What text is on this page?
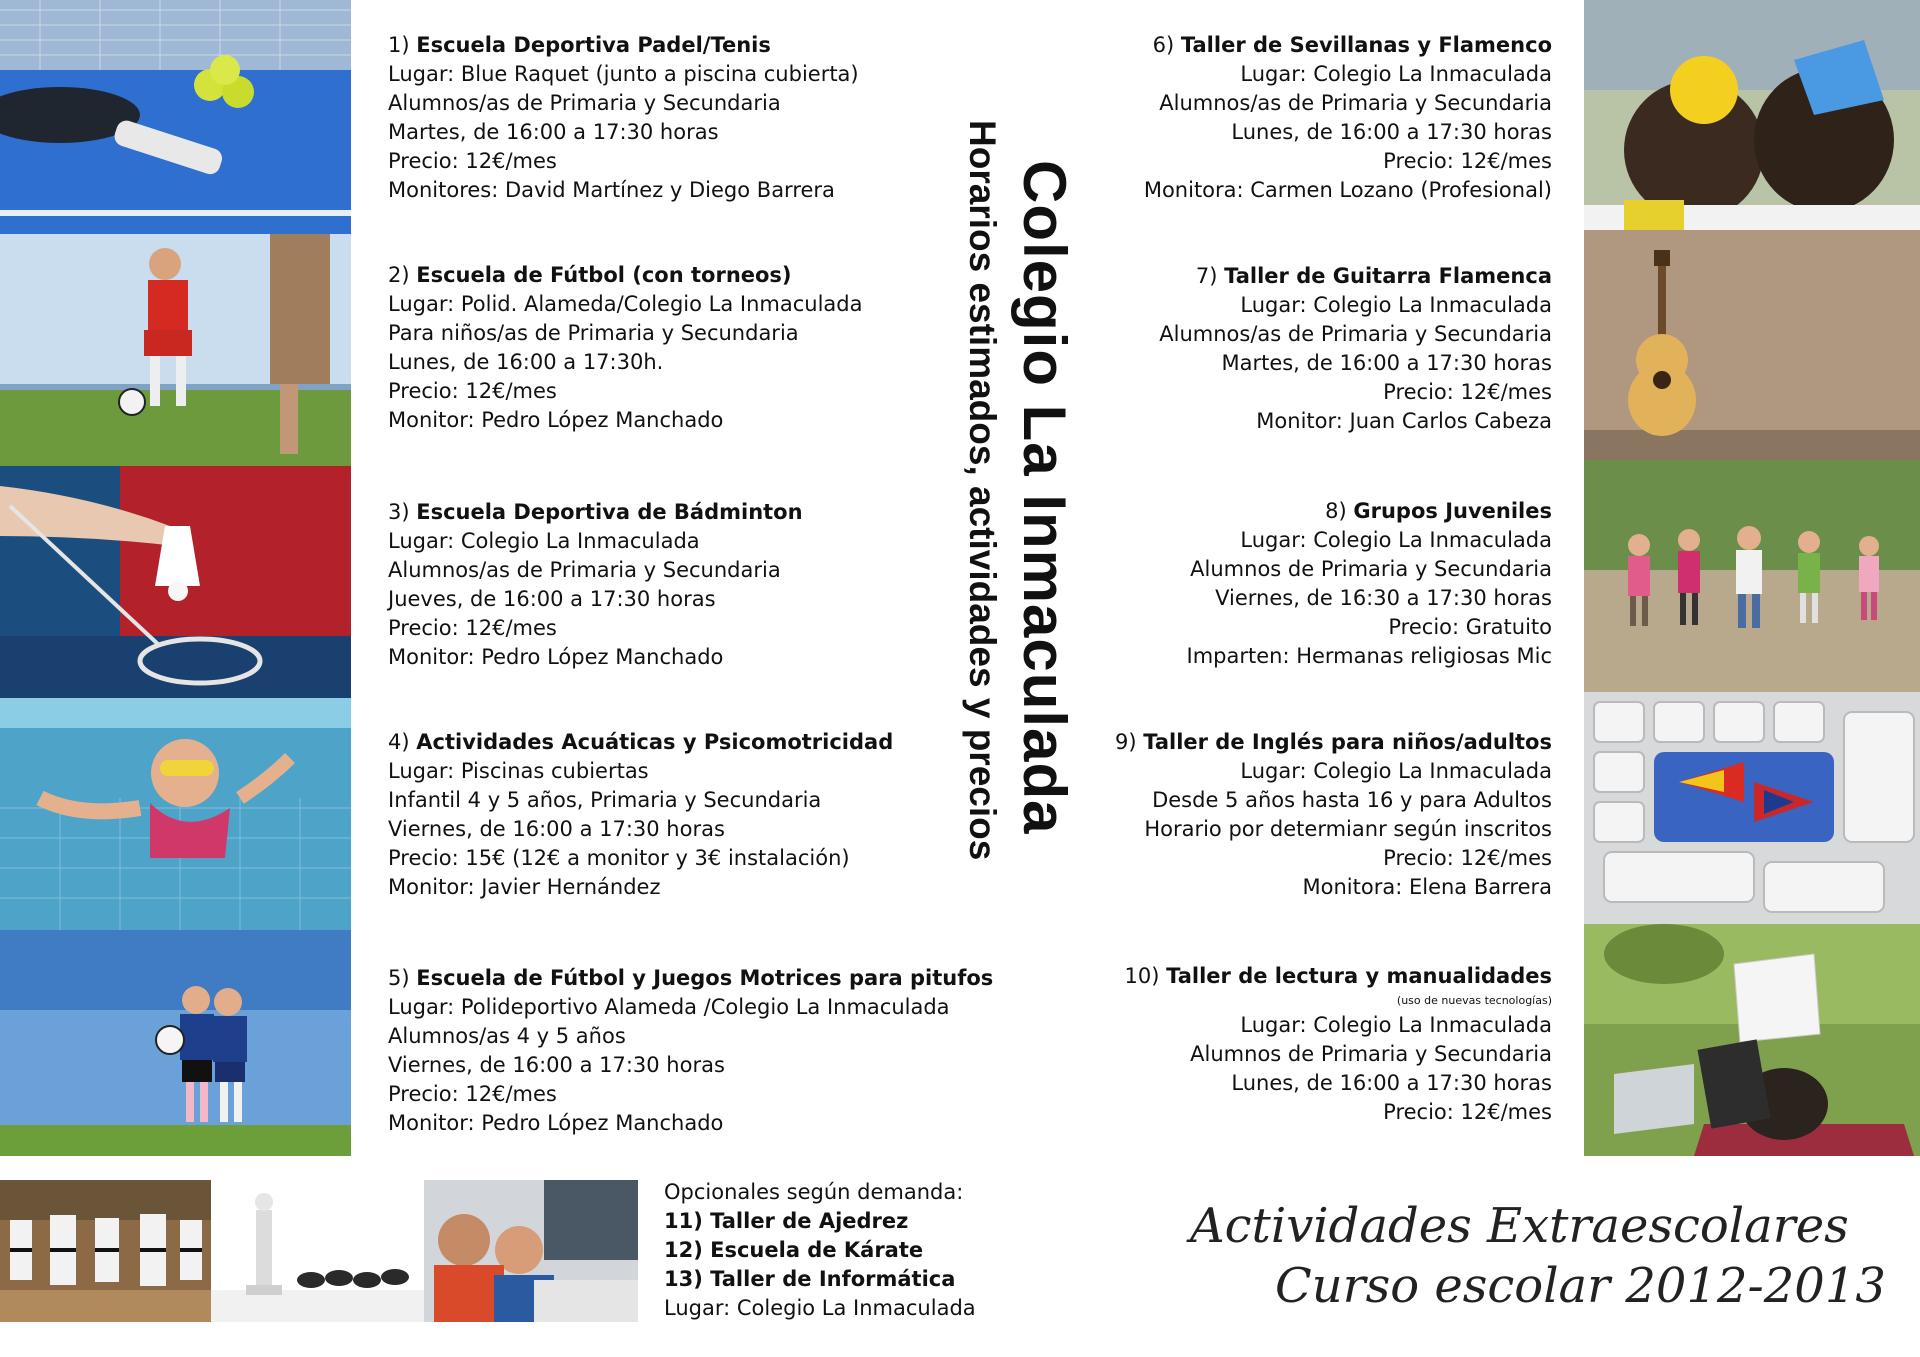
1) Escuela Deportiva Padel/Tenis
Lugar: Blue Raquet (junto a piscina cubierta)
Alumnos/as de Primaria y Secundaria
Martes, de 16:00 a 17:30 horas
Precio: 12€/mes
Monitores: David Martínez y Diego Barrera
2) Escuela de Fútbol (con torneos)
Lugar: Polid. Alameda/Colegio La Inmaculada
Para niños/as de Primaria y Secundaria
Lunes, de 16:00 a 17:30h.
Precio: 12€/mes
Monitor: Pedro López Manchado
3) Escuela Deportiva de Bádminton
Lugar: Colegio La Inmaculada
Alumnos/as de Primaria y Secundaria
Jueves, de 16:00 a 17:30 horas
Precio: 12€/mes
Monitor: Pedro López Manchado
4) Actividades Acuáticas y Psicomotricidad
Lugar: Piscinas cubiertas
Infantil 4 y 5 años, Primaria y Secundaria
Viernes, de 16:00 a 17:30 horas
Precio: 15€ (12€ a monitor y 3€ instalación)
Monitor: Javier Hernández
5) Escuela de Fútbol y Juegos Motrices para pitufos
Lugar: Polideportivo Alameda /Colegio La Inmaculada
Alumnos/as 4 y 5 años
Viernes, de 16:00 a 17:30 horas
Precio: 12€/mes
Monitor: Pedro López Manchado
Colegio La Inmaculada
Horarios estimados, actividades y precios
6) Taller de Sevillanas y Flamenco
Lugar: Colegio La Inmaculada
Alumnos/as de Primaria y Secundaria
Lunes, de 16:00 a 17:30 horas
Precio: 12€/mes
Monitora: Carmen Lozano (Profesional)
7) Taller de Guitarra Flamenca
Lugar: Colegio La Inmaculada
Alumnos/as de Primaria y Secundaria
Martes, de 16:00 a 17:30 horas
Precio: 12€/mes
Monitor: Juan Carlos Cabeza
8) Grupos Juveniles
Lugar: Colegio La Inmaculada
Alumnos de Primaria y Secundaria
Viernes, de 16:30 a 17:30 horas
Precio: Gratuito
Imparten: Hermanas religiosas Mic
9) Taller de Inglés para niños/adultos
Lugar: Colegio La Inmaculada
Desde 5 años hasta 16 y para Adultos
Horario por determianr según inscritos
Precio: 12€/mes
Monitora: Elena Barrera
10) Taller de lectura y manualidades
(uso de nuevas tecnologías)
Lugar: Colegio La Inmaculada
Alumnos de Primaria y Secundaria
Lunes, de 16:00 a 17:30 horas
Precio: 12€/mes
Opcionales según demanda:
11) Taller de Ajedrez
12) Escuela de Kárate
13) Taller de Informática
Lugar: Colegio La Inmaculada
Actividades Extraescolares
Curso escolar 2012-2013
